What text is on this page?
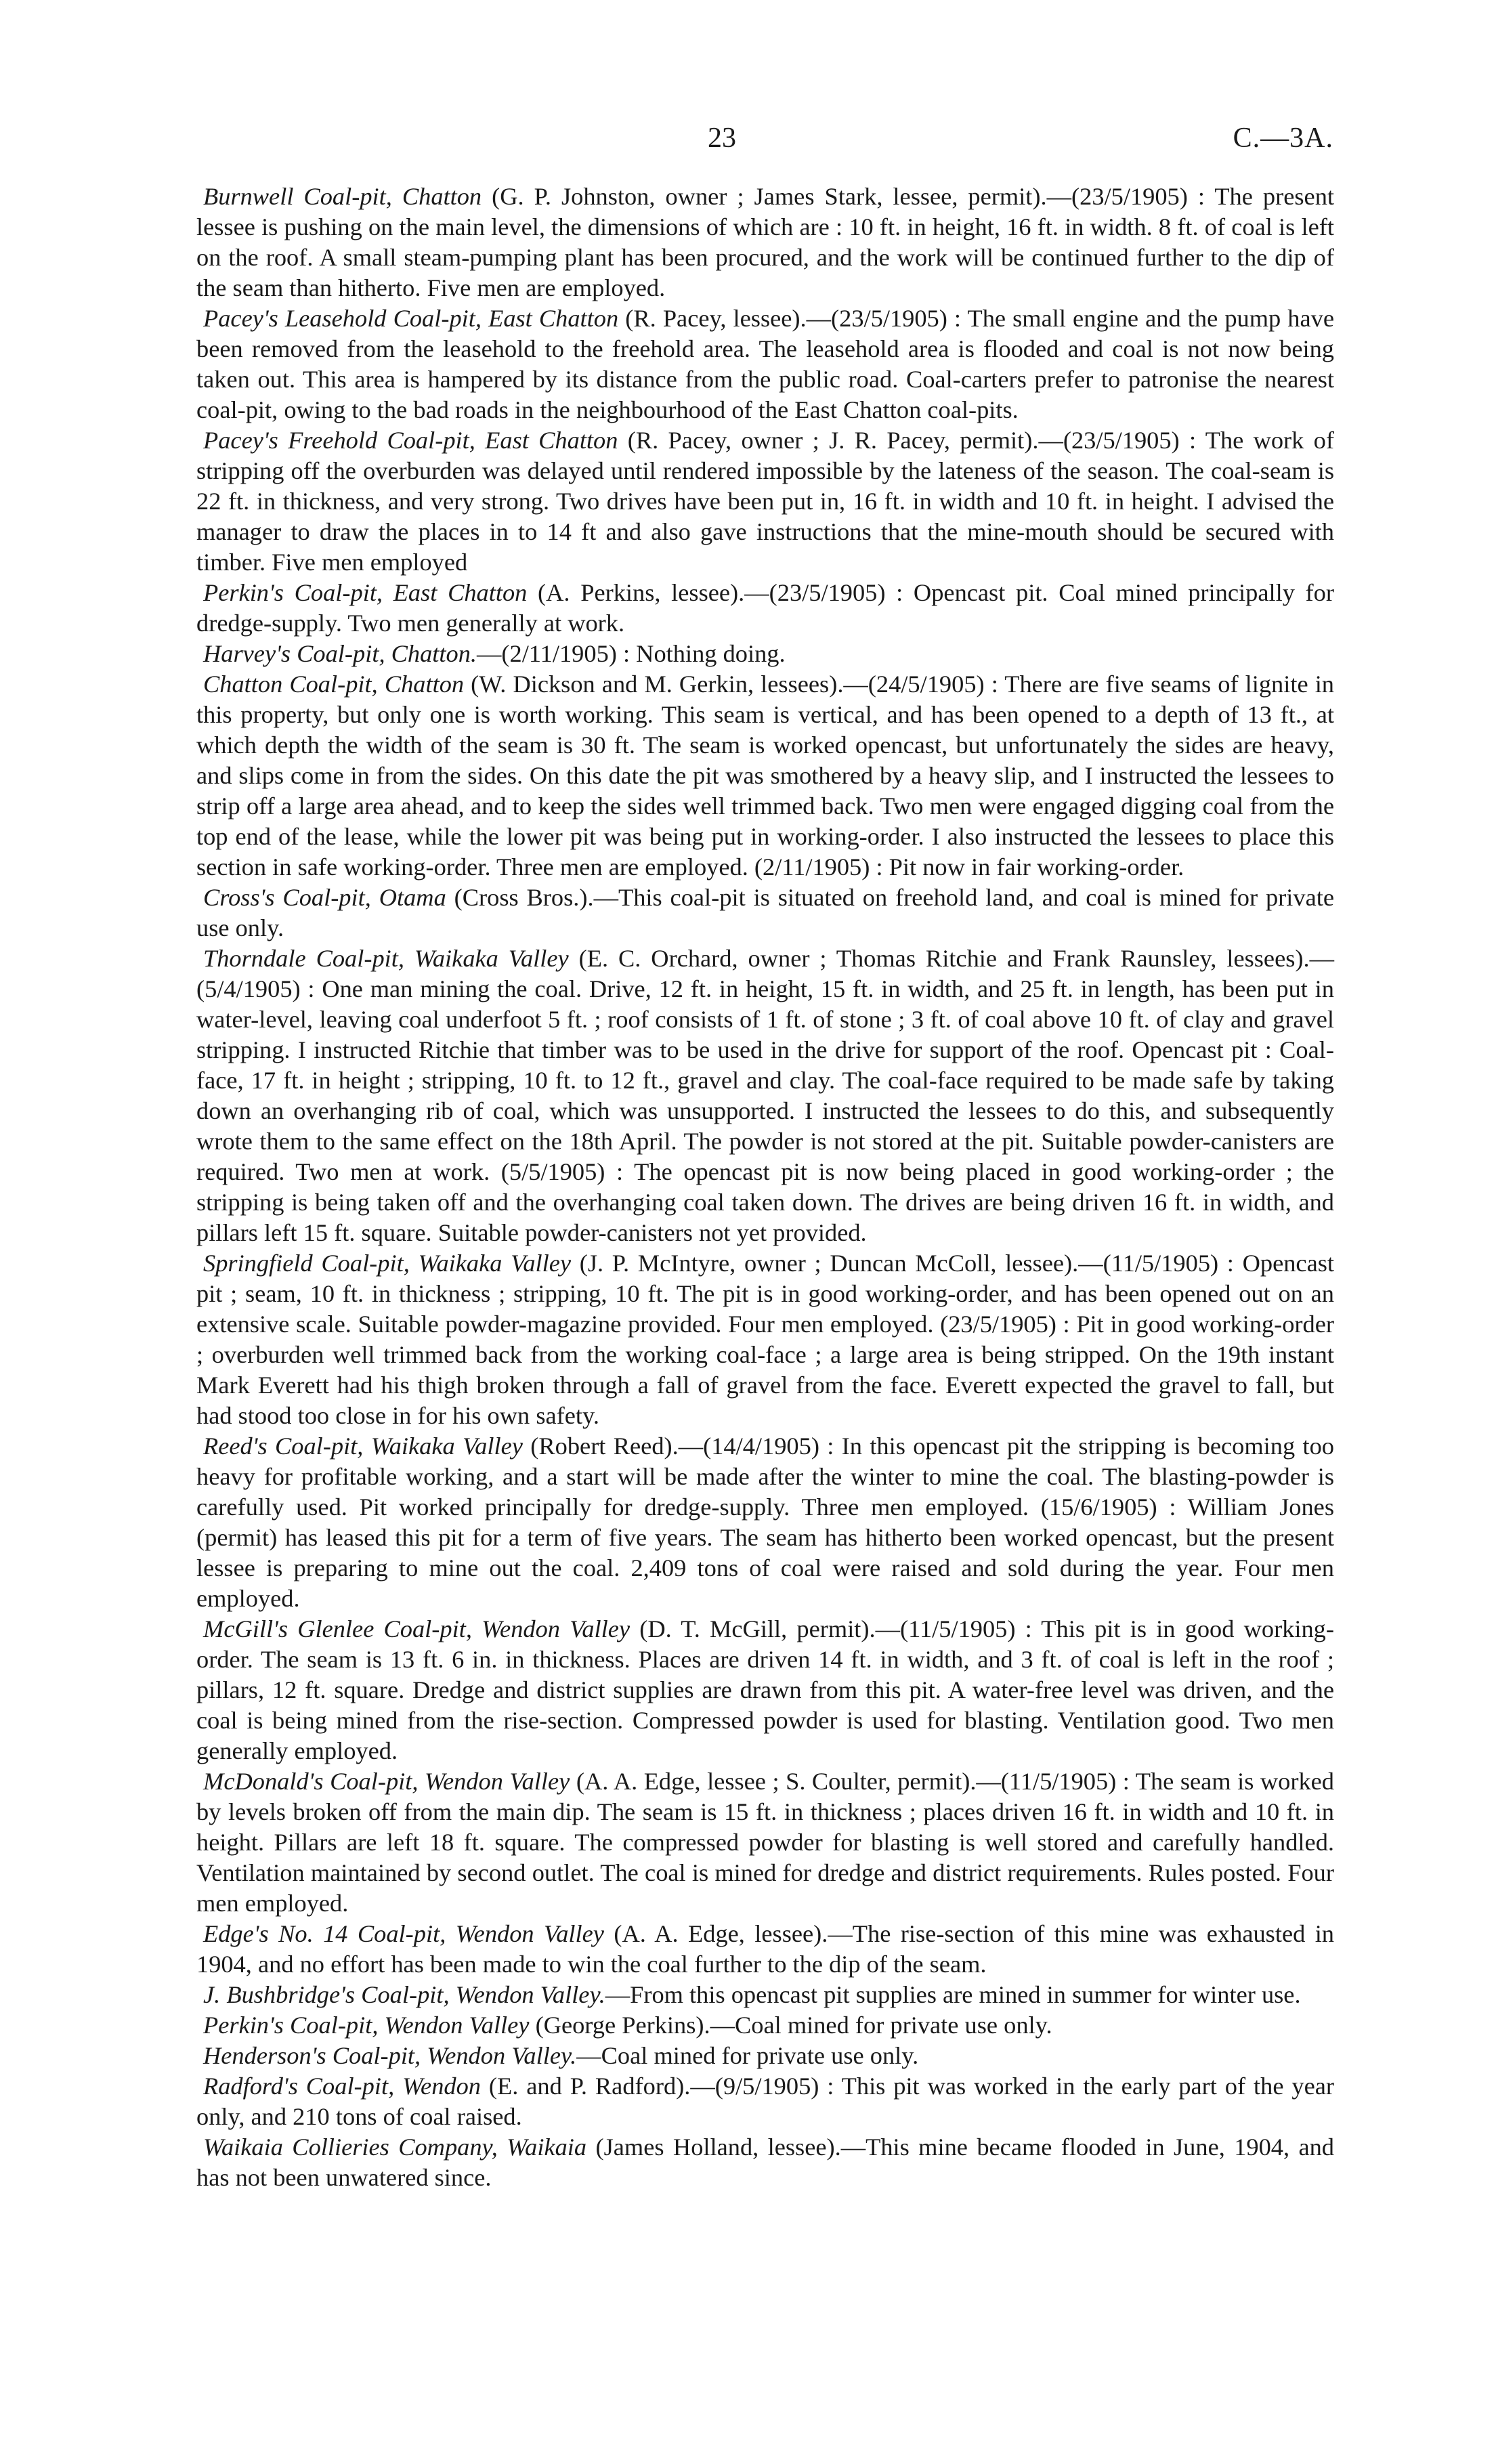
23	C.—3A.

Burnwell Coal-pit, Chatton (G. P. Johnston, owner ; James Stark, lessee, permit).—(23/5/1905) : The present lessee is pushing on the main level, the dimensions of which are : 10 ft. in height, 16 ft. in width. 8 ft. of coal is left on the roof. A small steam-pumping plant has been procured, and the work will be continued further to the dip of the seam than hitherto. Five men are employed.

Pacey's Leasehold Coal-pit, East Chatton (R. Pacey, lessee).—(23/5/1905) : The small engine and the pump have been removed from the leasehold to the freehold area. The leasehold area is flooded and coal is not now being taken out. This area is hampered by its distance from the public road. Coal-carters prefer to patronise the nearest coal-pit, owing to the bad roads in the neighbourhood of the East Chatton coal-pits.

Pacey's Freehold Coal-pit, East Chatton (R. Pacey, owner ; J. R. Pacey, permit).—(23/5/1905) : The work of stripping off the overburden was delayed until rendered impossible by the lateness of the season. The coal-seam is 22 ft. in thickness, and very strong. Two drives have been put in, 16 ft. in width and 10 ft. in height. I advised the manager to draw the places in to 14 ft and also gave instructions that the mine-mouth should be secured with timber. Five men employed

Perkin's Coal-pit, East Chatton (A. Perkins, lessee).—(23/5/1905) : Opencast pit. Coal mined principally for dredge-supply. Two men generally at work.

Harvey's Coal-pit, Chatton.—(2/11/1905) : Nothing doing.

Chatton Coal-pit, Chatton (W. Dickson and M. Gerkin, lessees).—(24/5/1905) : There are five seams of lignite in this property, but only one is worth working. This seam is vertical, and has been opened to a depth of 13 ft., at which depth the width of the seam is 30 ft. The seam is worked opencast, but unfortunately the sides are heavy, and slips come in from the sides. On this date the pit was smothered by a heavy slip, and I instructed the lessees to strip off a large area ahead, and to keep the sides well trimmed back. Two men were engaged digging coal from the top end of the lease, while the lower pit was being put in working-order. I also instructed the lessees to place this section in safe working-order. Three men are employed. (2/11/1905) : Pit now in fair working-order.

Cross's Coal-pit, Otama (Cross Bros.).—This coal-pit is situated on freehold land, and coal is mined for private use only.

Thorndale Coal-pit, Waikaka Valley (E. C. Orchard, owner ; Thomas Ritchie and Frank Raunsley, lessees).—(5/4/1905) : One man mining the coal. Drive, 12 ft. in height, 15 ft. in width, and 25 ft. in length, has been put in water-level, leaving coal underfoot 5 ft. ; roof consists of 1 ft. of stone ; 3 ft. of coal above 10 ft. of clay and gravel stripping. I instructed Ritchie that timber was to be used in the drive for support of the roof. Opencast pit : Coal-face, 17 ft. in height ; stripping, 10 ft. to 12 ft., gravel and clay. The coal-face required to be made safe by taking down an overhanging rib of coal, which was unsupported. I instructed the lessees to do this, and subsequently wrote them to the same effect on the 18th April. The powder is not stored at the pit. Suitable powder-canisters are required. Two men at work. (5/5/1905) : The opencast pit is now being placed in good working-order ; the stripping is being taken off and the overhanging coal taken down. The drives are being driven 16 ft. in width, and pillars left 15 ft. square. Suitable powder-canisters not yet provided.

Springfield Coal-pit, Waikaka Valley (J. P. McIntyre, owner ; Duncan McColl, lessee).—(11/5/1905) : Opencast pit ; seam, 10 ft. in thickness ; stripping, 10 ft. The pit is in good working-order, and has been opened out on an extensive scale. Suitable powder-magazine provided. Four men employed. (23/5/1905) : Pit in good working-order ; overburden well trimmed back from the working coal-face ; a large area is being stripped. On the 19th instant Mark Everett had his thigh broken through a fall of gravel from the face. Everett expected the gravel to fall, but had stood too close in for his own safety.

Reed's Coal-pit, Waikaka Valley (Robert Reed).—(14/4/1905) : In this opencast pit the stripping is becoming too heavy for profitable working, and a start will be made after the winter to mine the coal. The blasting-powder is carefully used. Pit worked principally for dredge-supply. Three men employed. (15/6/1905) : William Jones (permit) has leased this pit for a term of five years. The seam has hitherto been worked opencast, but the present lessee is preparing to mine out the coal. 2,409 tons of coal were raised and sold during the year. Four men employed.

McGill's Glenlee Coal-pit, Wendon Valley (D. T. McGill, permit).—(11/5/1905) : This pit is in good working-order. The seam is 13 ft. 6 in. in thickness. Places are driven 14 ft. in width, and 3 ft. of coal is left in the roof ; pillars, 12 ft. square. Dredge and district supplies are drawn from this pit. A water-free level was driven, and the coal is being mined from the rise-section. Compressed powder is used for blasting. Ventilation good. Two men generally employed.

McDonald's Coal-pit, Wendon Valley (A. A. Edge, lessee ; S. Coulter, permit).—(11/5/1905) : The seam is worked by levels broken off from the main dip. The seam is 15 ft. in thickness ; places driven 16 ft. in width and 10 ft. in height. Pillars are left 18 ft. square. The compressed powder for blasting is well stored and carefully handled. Ventilation maintained by second outlet. The coal is mined for dredge and district requirements. Rules posted. Four men employed.

Edge's No. 14 Coal-pit, Wendon Valley (A. A. Edge, lessee).—The rise-section of this mine was exhausted in 1904, and no effort has been made to win the coal further to the dip of the seam.

J. Bushbridge's Coal-pit, Wendon Valley.—From this opencast pit supplies are mined in summer for winter use.

Perkin's Coal-pit, Wendon Valley (George Perkins).—Coal mined for private use only.

Henderson's Coal-pit, Wendon Valley.—Coal mined for private use only.

Radford's Coal-pit, Wendon (E. and P. Radford).—(9/5/1905) : This pit was worked in the early part of the year only, and 210 tons of coal raised.

Waikaia Collieries Company, Waikaia (James Holland, lessee).—This mine became flooded in June, 1904, and has not been unwatered since.
